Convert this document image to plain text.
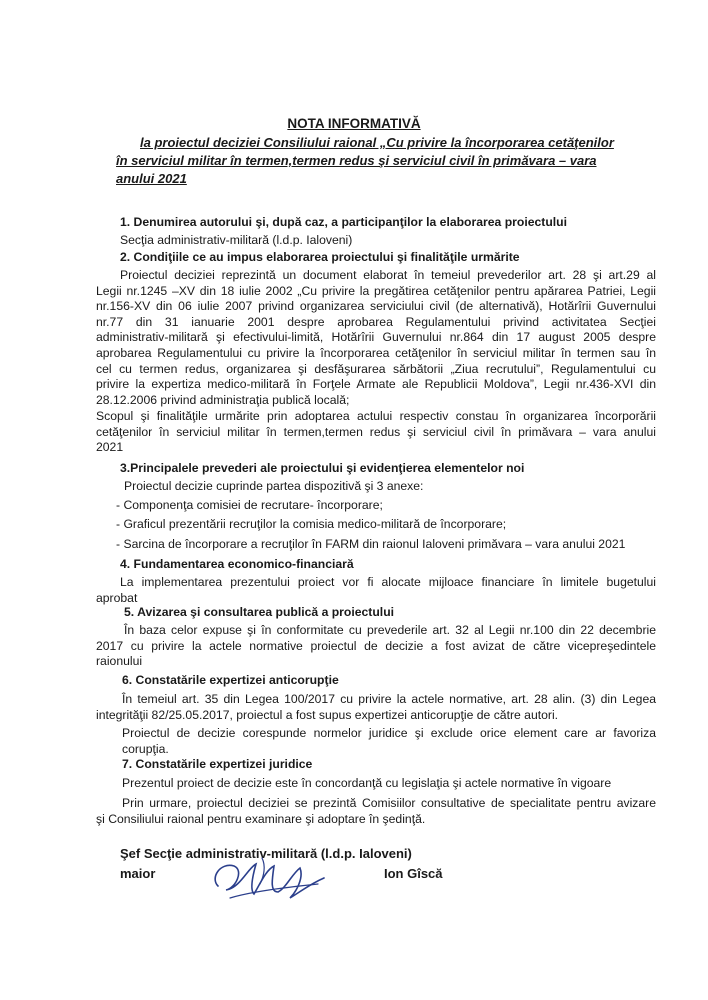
NOTA INFORMATIVĂ
la proiectul deciziei Consiliului raional „Cu privire la încorporarea cetăţenilor
în serviciul militar în termen,termen redus şi serviciul civil în primăvara – vara
anului 2021
1. Denumirea autorului şi, după caz, a participanţilor la elaborarea proiectului
Secţia administrativ-militară (l.d.p. Ialoveni)
2. Condiţiile ce au impus elaborarea proiectului şi finalităţile urmărite
Proiectul deciziei reprezintă un document elaborat în temeiul prevederilor art. 28 şi art.29 al
Legii nr.1245 –XV din 18 iulie 2002 „Cu privire la pregătirea cetăţenilor pentru apărarea Patriei, Legii
nr.156-XV din 06 iulie 2007 privind organizarea serviciului civil (de alternativă), Hotărîrii Guvernului
nr.77 din 31 ianuarie 2001 despre aprobarea Regulamentului privind activitatea Secţiei
administrativ-militară şi efectivului-limită, Hotărîrii Guvernului nr.864 din 17 august 2005 despre
aprobarea Regulamentului cu privire la încorporarea cetăţenilor în serviciul militar în termen sau în
cel cu termen redus, organizarea şi desfăşurarea sărbătorii „Ziua recrutului”, Regulamentului cu
privire la expertiza medico-militară în Forţele Armate ale Republicii Moldova”, Legii nr.436-XVI din
28.12.2006 privind administraţia publică locală;
Scopul şi finalităţile urmărite prin adoptarea actului respectiv constau în organizarea încorporării
cetăţenilor în serviciul militar în termen,termen redus şi serviciul civil în primăvara – vara anului
2021
3.Principalele prevederi ale proiectului şi evidenţierea elementelor noi
Proiectul decizie cuprinde partea dispozitivă şi 3 anexe:
- Componenţa comisiei de recrutare- încorporare;
- Graficul prezentării recruţilor la comisia medico-militară de încorporare;
- Sarcina de încorporare a recruţilor în FARM din raionul Ialoveni primăvara – vara anului 2021
4. Fundamentarea economico-financiară
La implementarea prezentului proiect vor fi alocate mijloace financiare în limitele bugetului
aprobat
5. Avizarea şi consultarea publică a proiectului
În baza celor expuse şi în conformitate cu prevederile art. 32 al Legii nr.100 din 22 decembrie
2017 cu privire la actele normative proiectul de decizie a fost avizat de către vicepreşedintele
raionului
6. Constatările expertizei anticorupţie
În temeiul art. 35 din Legea 100/2017 cu privire la actele normative, art. 28 alin. (3) din Legea
integrităţii 82/25.05.2017, proiectul a fost supus expertizei anticorupţie de către autori.
Proiectul de decizie corespunde normelor juridice şi exclude orice element care ar favoriza
corupţia.
7. Constatările expertizei juridice
Prezentul proiect de decizie este în concordanţă cu legislaţia şi actele normative în vigoare
Prin urmare, proiectul deciziei se prezintă Comisiilor consultative de specialitate pentru avizare
şi Consiliului raional pentru examinare şi adoptare în şedinţă.
Şef Secţie administrativ-militară (l.d.p. Ialoveni)
maior	Ion Gîscă
